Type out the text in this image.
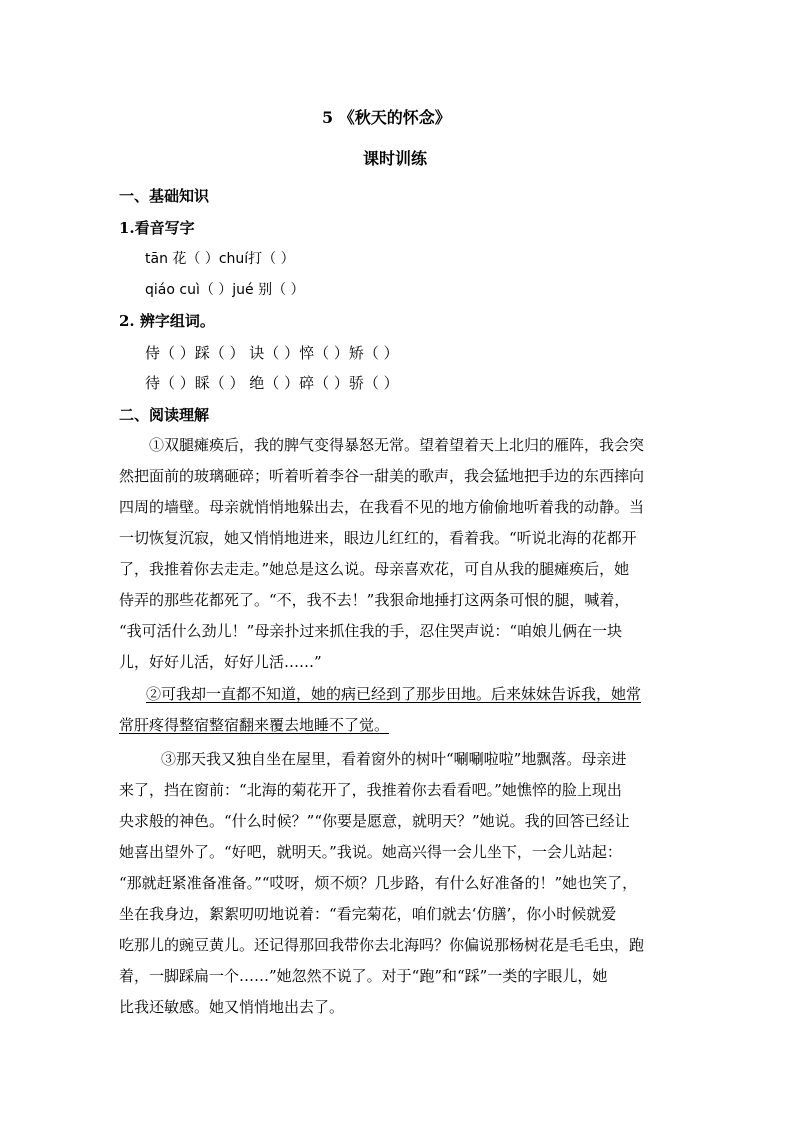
5 《秋天的怀念》
课时训练
一、基础知识
1.看音写字
tān 花（ ）chuí打（ ）
qiáo cuì（ ）jué 别（ ）
2. 辨字组词。
侍（ ）踩（ ） 诀（ ）悴（ ）矫（ ）
待（ ）睬（ ） 绝（ ）碎（ ）骄（ ）
二、阅读理解
①双腿瘫痪后，我的脾气变得暴怒无常。望着望着天上北归的雁阵，我会突
然把面前的玻璃砸碎；听着听着李谷一甜美的歌声，我会猛地把手边的东西摔向
四周的墙壁。母亲就悄悄地躲出去，在我看不见的地方偷偷地听着我的动静。当
一切恢复沉寂，她又悄悄地进来，眼边儿红红的，看着我。“听说北海的花都开
了，我推着你去走走。”她总是这么说。母亲喜欢花，可自从我的腿瘫痪后，她
侍弄的那些花都死了。“不，我不去！”我狠命地捶打这两条可恨的腿，喊着，
“我可活什么劲儿！”母亲扑过来抓住我的手，忍住哭声说：“咱娘儿俩在一块
儿，好好儿活，好好儿活……”
②可我却一直都不知道，她的病已经到了那步田地。后来妹妹告诉我，她常
常肝疼得整宿整宿翻来覆去地睡不了觉。
③那天我又独自坐在屋里，看着窗外的树叶“唰唰啦啦”地飘落。母亲进
来了，挡在窗前：“北海的菊花开了，我推着你去看看吧。”她憔悴的脸上现出
央求般的神色。“什么时候？”“你要是愿意，就明天？”她说。我的回答已经让
她喜出望外了。“好吧，就明天。”我说。她高兴得一会儿坐下，一会儿站起：
“那就赶紧准备准备。”“哎呀，烦不烦？几步路，有什么好准备的！”她也笑了，
坐在我身边，絮絮叨叨地说着：“看完菊花，咱们就去‘仿膳’，你小时候就爱
吃那儿的豌豆黄儿。还记得那回我带你去北海吗？你偏说那杨树花是毛毛虫，跑
着，一脚踩扁一个……”她忽然不说了。对于“跑”和“踩”一类的字眼儿，她
比我还敏感。她又悄悄地出去了。
